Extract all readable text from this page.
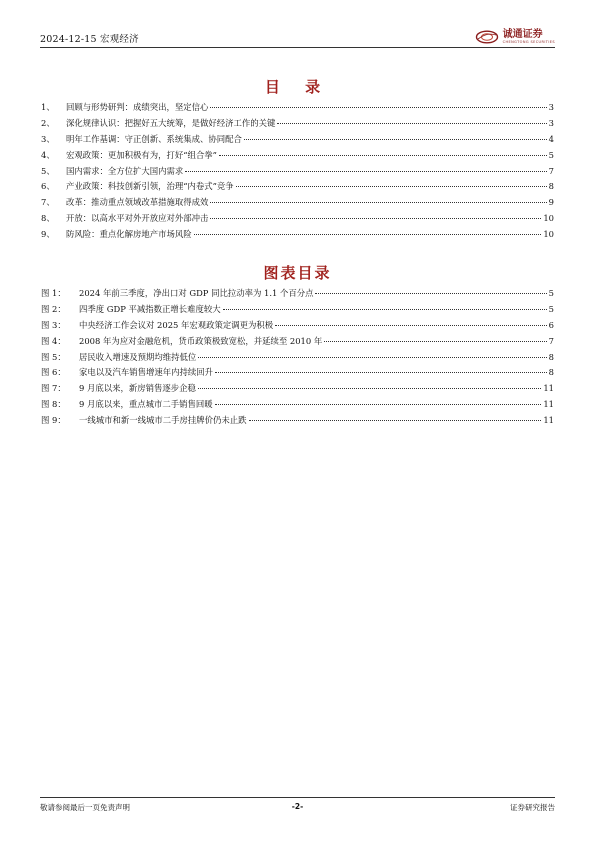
2024-12-15 宏观经济	诚通证券
CHENGTONG SECURITIES
目 录
1、	回顾与形势研判：成绩突出，坚定信心	3
2、	深化规律认识：把握好五大统筹，是做好经济工作的关键	3
3、	明年工作基调：守正创新、系统集成、协同配合	4
4、	宏观政策：更加积极有为，打好“组合拳”	5
5、	国内需求：全方位扩大国内需求	7
6、	产业政策：科技创新引领，治理“内卷式”竞争	8
7、	改革：推动重点领域改革措施取得成效	9
8、	开放：以高水平对外开放应对外部冲击	10
9、	防风险：重点化解房地产市场风险	10
图表目录
图 1：	2024 年前三季度，净出口对 GDP 同比拉动率为 1.1 个百分点	5
图 2：	四季度 GDP 平减指数正增长难度较大	5
图 3：	中央经济工作会议对 2025 年宏观政策定调更为积极	6
图 4：	2008 年为应对金融危机，货币政策极致宽松，并延续至 2010 年	7
图 5：	居民收入增速及预期均维持低位	8
图 6：	家电以及汽车销售增速年内持续回升	8
图 7：	9 月底以来，新房销售逐步企稳	11
图 8：	9 月底以来，重点城市二手销售回暖	11
图 9：	一线城市和新一线城市二手房挂牌价仍未止跌	11
敬请参阅最后一页免责声明	-2-	证券研究报告
